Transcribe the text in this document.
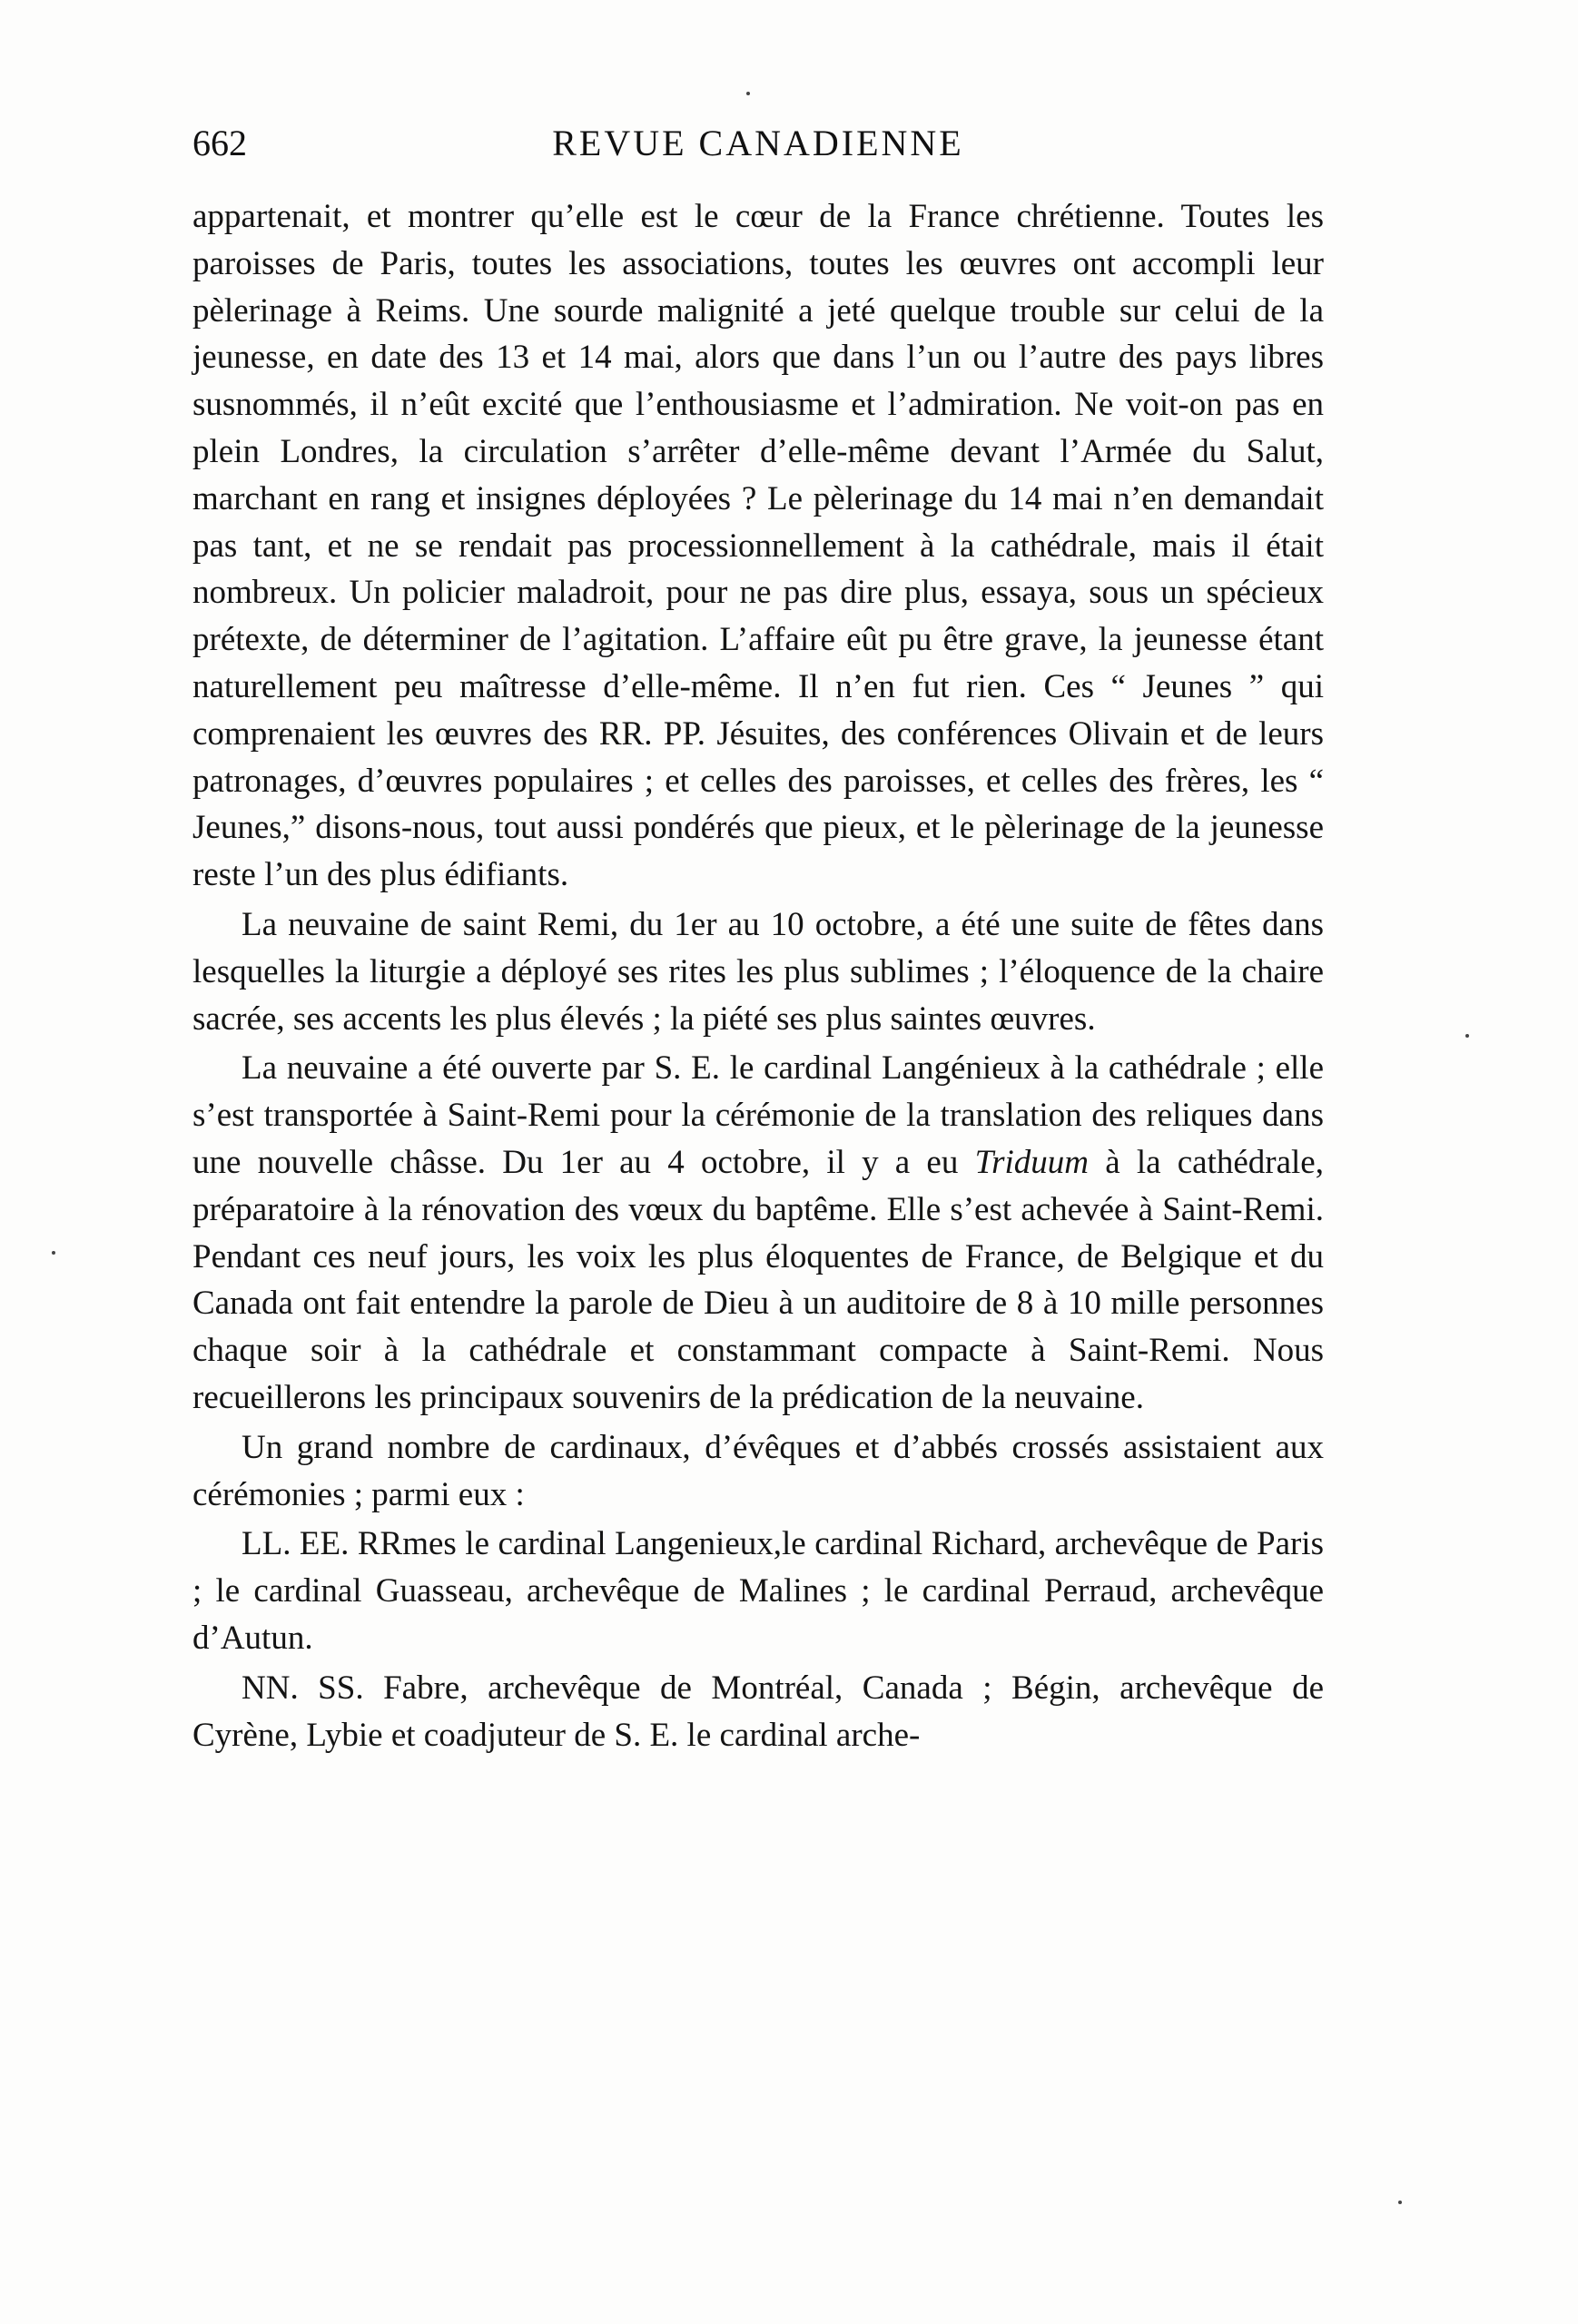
662	REVUE CANADIENNE

appartenait, et montrer qu’elle est le cœur de la France chrétienne. Toutes les paroisses de Paris, toutes les associations, toutes les œuvres ont accompli leur pèlerinage à Reims. Une sourde malignité a jeté quelque trouble sur celui de la jeunesse, en date des 13 et 14 mai, alors que dans l’un ou l’autre des pays libres susnommés, il n’eût excité que l’enthousiasme et l’admiration. Ne voit-on pas en plein Londres, la circulation s’arrêter d’elle-même devant l’Armée du Salut, marchant en rang et insignes déployées ? Le pèlerinage du 14 mai n’en demandait pas tant, et ne se rendait pas processionnellement à la cathédrale, mais il était nombreux. Un policier maladroit, pour ne pas dire plus, essaya, sous un spécieux prétexte, de déterminer de l’agitation. L’affaire eût pu être grave, la jeunesse étant naturellement peu maîtresse d’elle-même. Il n’en fut rien. Ces “ Jeunes ” qui comprenaient les œuvres des RR. PP. Jésuites, des conférences Olivain et de leurs patronages, d’œuvres populaires ; et celles des paroisses, et celles des frères, les “ Jeunes,” disons-nous, tout aussi pondérés que pieux, et le pèlerinage de la jeunesse reste l’un des plus édifiants.

La neuvaine de saint Remi, du 1er au 10 octobre, a été une suite de fêtes dans lesquelles la liturgie a déployé ses rites les plus sublimes ; l’éloquence de la chaire sacrée, ses accents les plus élevés ; la piété ses plus saintes œuvres.

La neuvaine a été ouverte par S. E. le cardinal Langénieux à la cathédrale ; elle s’est transportée à Saint-Remi pour la cérémonie de la translation des reliques dans une nouvelle châsse. Du 1er au 4 octobre, il y a eu Triduum à la cathédrale, préparatoire à la rénovation des vœux du baptême. Elle s’est achevée à Saint-Remi. Pendant ces neuf jours, les voix les plus éloquentes de France, de Belgique et du Canada ont fait entendre la parole de Dieu à un auditoire de 8 à 10 mille personnes chaque soir à la cathédrale et constammant compacte à Saint-Remi. Nous recueillerons les principaux souvenirs de la prédication de la neuvaine.

Un grand nombre de cardinaux, d’évêques et d’abbés crossés assistaient aux cérémonies ; parmi eux :

LL. EE. RRmes le cardinal Langenieux,le cardinal Richard, archevêque de Paris ; le cardinal Guasseau, archevêque de Malines ; le cardinal Perraud, archevêque d’Autun.

NN. SS. Fabre, archevêque de Montréal, Canada ; Bégin, archevêque de Cyrène, Lybie et coadjuteur de S. E. le cardinal arche-
